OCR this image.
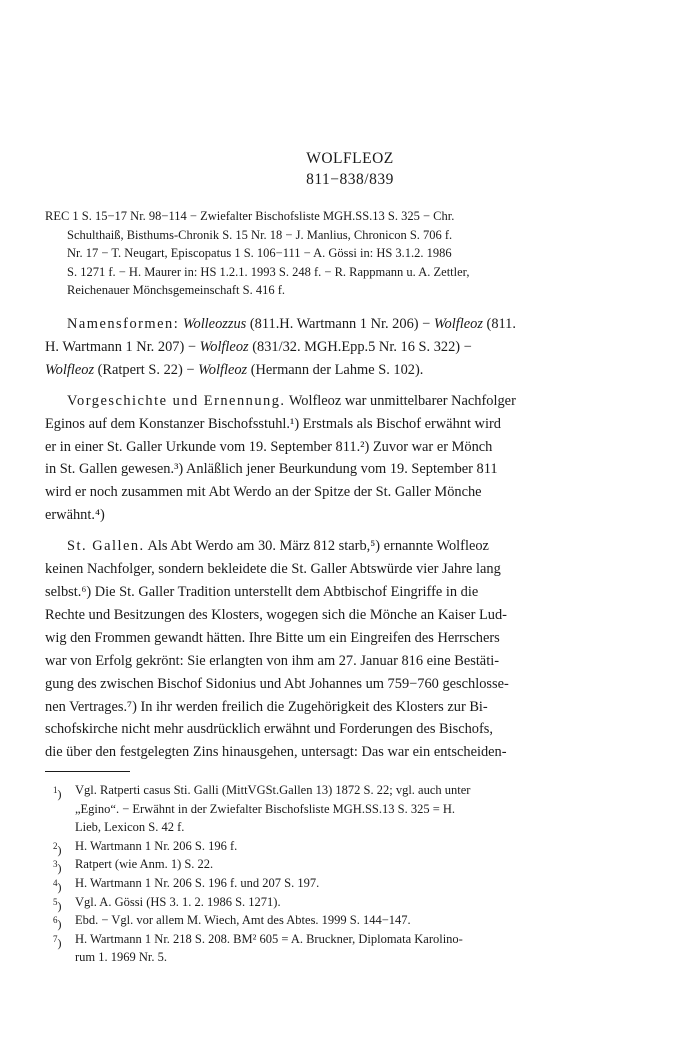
WOLFLEOZ
811−838/839
REC 1 S. 15−17 Nr. 98−114 − Zwiefalter Bischofsliste MGH.SS.13 S. 325 − Chr.
Schulthaiß, Bisthums-Chronik S. 15 Nr. 18 − J. Manlius, Chronicon S. 706 f.
Nr. 17 − T. Neugart, Episcopatus 1 S. 106−111 − A. Gössi in: HS 3.1.2. 1986
S. 1271 f. − H. Maurer in: HS 1.2.1. 1993 S. 248 f. − R. Rappmann u. A. Zettler,
Reichenauer Mönchsgemeinschaft S. 416 f.
Namensformen: Wolleozzus (811.H. Wartmann 1 Nr. 206) − Wolfleoz (811.
H. Wartmann 1 Nr. 207) − Wolfleoz (831/32. MGH.Epp.5 Nr. 16 S. 322) −
Wolfleoz (Ratpert S. 22) − Wolfleoz (Hermann der Lahme S. 102).
Vorgeschichte und Ernennung. Wolfleoz war unmittelbarer Nachfolger
Eginos auf dem Konstanzer Bischofsstuhl.¹) Erstmals als Bischof erwähnt wird
er in einer St. Galler Urkunde vom 19. September 811.²) Zuvor war er Mönch
in St. Gallen gewesen.³) Anläßlich jener Beurkundung vom 19. September 811
wird er noch zusammen mit Abt Werdo an der Spitze der St. Galler Mönche
erwähnt.⁴)
St. Gallen. Als Abt Werdo am 30. März 812 starb,⁵) ernannte Wolfleoz
keinen Nachfolger, sondern bekleidete die St. Galler Abtswürde vier Jahre lang
selbst.⁶) Die St. Galler Tradition unterstellt dem Abtbischof Eingriffe in die
Rechte und Besitzungen des Klosters, wogegen sich die Mönche an Kaiser Lud-
wig den Frommen gewandt hätten. Ihre Bitte um ein Eingreifen des Herrschers
war von Erfolg gekrönt: Sie erlangten von ihm am 27. Januar 816 eine Bestäti-
gung des zwischen Bischof Sidonius und Abt Johannes um 759−760 geschlosse-
nen Vertrages.⁷) In ihr werden freilich die Zugehörigkeit des Klosters zur Bi-
schofskirche nicht mehr ausdrücklich erwähnt und Forderungen des Bischofs,
die über den festgelegten Zins hinausgehen, untersagt: Das war ein entscheiden-
$^1$) Vgl. Ratperti casus Sti. Galli (MittVGSt.Gallen 13) 1872 S. 22; vgl. auch unter
„Egino“. − Erwähnt in der Zwiefalter Bischofsliste MGH.SS.13 S. 325 = H.
Lieb, Lexicon S. 42 f.
$^2$) H. Wartmann 1 Nr. 206 S. 196 f.
$^3$) Ratpert (wie Anm. 1) S. 22.
$^4$) H. Wartmann 1 Nr. 206 S. 196 f. und 207 S. 197.
$^5$) Vgl. A. Gössi (HS 3. 1. 2. 1986 S. 1271).
$^6$) Ebd. − Vgl. vor allem M. Wiech, Amt des Abtes. 1999 S. 144−147.
$^7$) H. Wartmann 1 Nr. 218 S. 208. BM² 605 = A. Bruckner, Diplomata Karolino-
rum 1. 1969 Nr. 5.
